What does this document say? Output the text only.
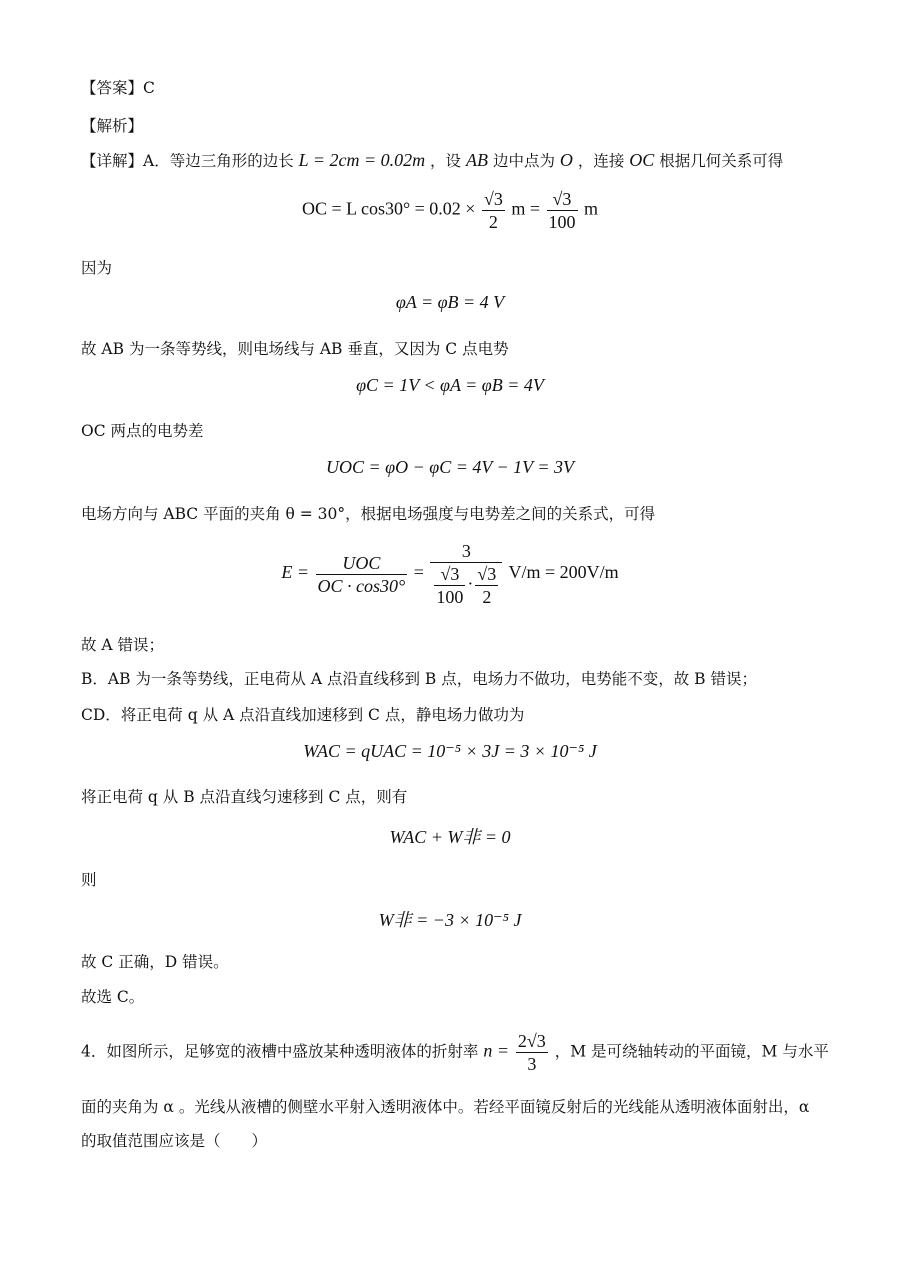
【答案】C
【解析】
【详解】A．等边三角形的边长 L = 2cm = 0.02m ，设 AB 边中点为 O ，连接 OC 根据几何关系可得
OC = L $\cos 30^\circ = 0.02 \times \frac{√3}{2}$ $m = \frac{√3}{100}$ m
因为
φA = φB = 4 V
故 AB 为一条等势线，则电场线与 AB 垂直，又因为 C 点电势
φC = 1V < φA = φB = 4V
OC 两点的电势差
UOC = φO − φC = 4V − 1V = 3V
电场方向与 ABC 平面的夹角 θ = 30°，根据电场强度与电势差之间的关系式，可得
$E = \frac{\text{UOC}}{OC \cdot \cos 30^\circ} = \frac{3}{\frac{√3}{100} \cdot \frac{√3}{2}} V/m = 200V/m$
故 A 错误；
B．AB 为一条等势线，正电荷从 A 点沿直线移到 B 点，电场力不做功，电势能不变，故 B 错误；
CD．将正电荷 q 从 A 点沿直线加速移到 C 点，静电场力做功为
WAC = qUAC = 10⁻⁵ × 3J = 3 × 10⁻⁵ J
将正电荷 q 从 B 点沿直线匀速移到 C 点，则有
WAC + W非 = 0
则
W非 = −3 × 10⁻⁵ J
故 C 正确，D 错误。
故选 C。
4．如图所示，足够宽的液槽中盛放某种透明液体的折射率 $n = \frac{2√3}{3}$ ，M 是可绕轴转动的平面镜，M 与水平
面的夹角为 α 。光线从液槽的侧壁水平射入透明液体中。若经平面镜反射后的光线能从透明液体面射出，α
的取值范围应该是（　　）
